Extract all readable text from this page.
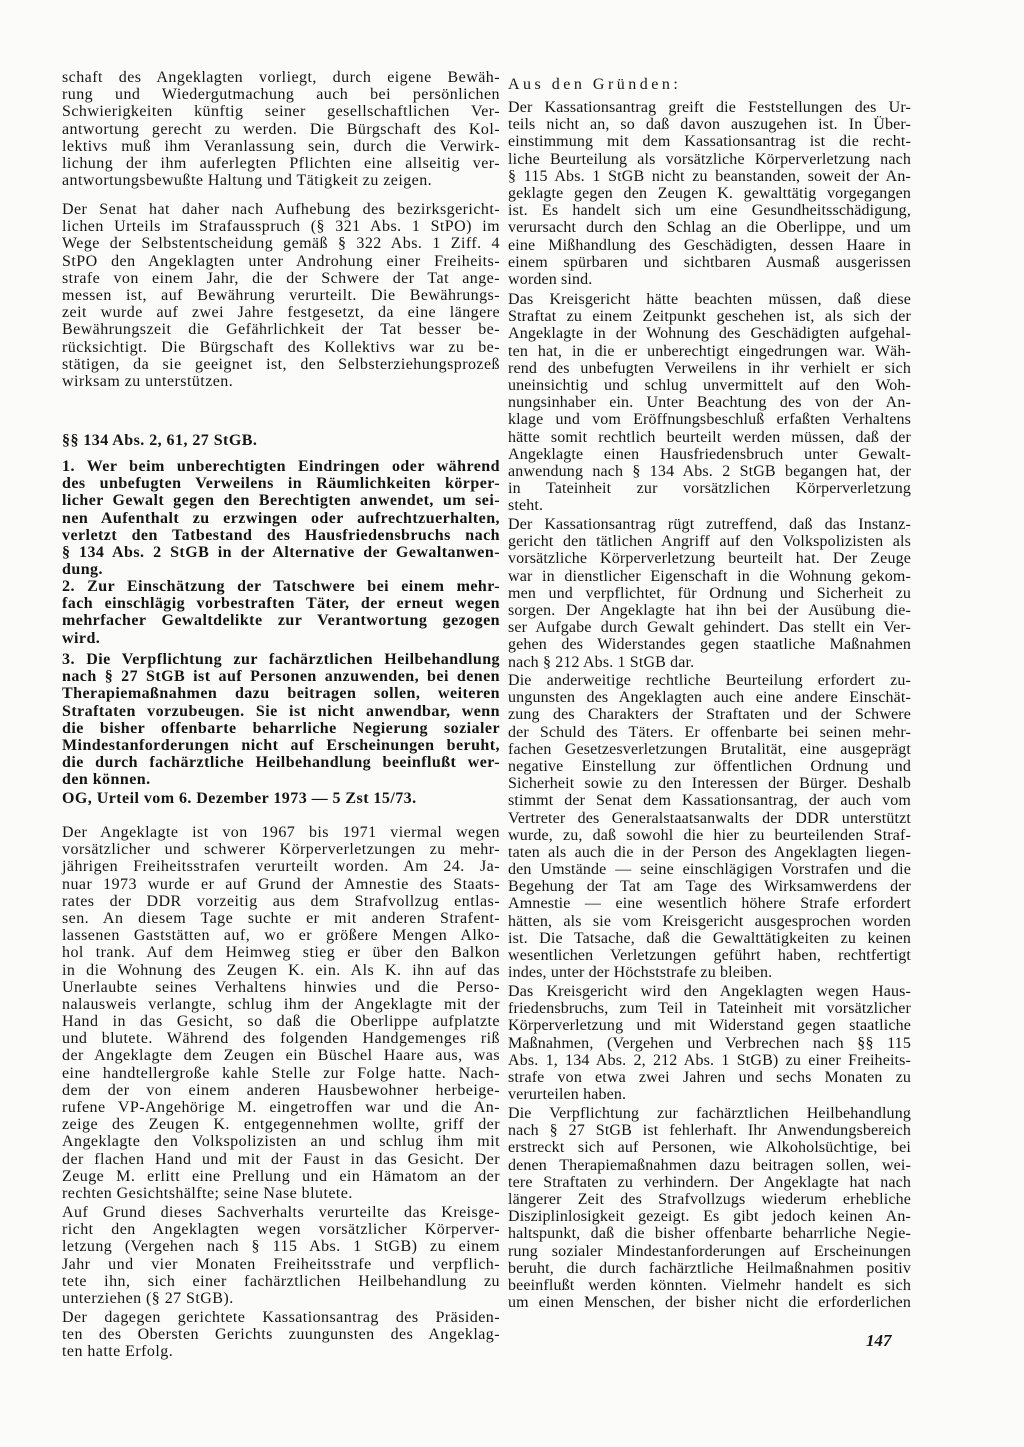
schaft des Angeklagten vorliegt, durch eigene Bewäh-
rung und Wiedergutmachung auch bei persönlichen
Schwierigkeiten künftig seiner gesellschaftlichen Ver-
antwortung gerecht zu werden. Die Bürgschaft des Kol-
lektivs muß ihm Veranlassung sein, durch die Verwirk-
lichung der ihm auferlegten Pflichten eine allseitig ver-
antwortungsbewußte Haltung und Tätigkeit zu zeigen.
Der Senat hat daher nach Aufhebung des bezirksgericht-
lichen Urteils im Strafausspruch (§ 321 Abs. 1 StPO) im
Wege der Selbstentscheidung gemäß § 322 Abs. 1 Ziff. 4
StPO den Angeklagten unter Androhung einer Freiheits-
strafe von einem Jahr, die der Schwere der Tat ange-
messen ist, auf Bewährung verurteilt. Die Bewährungs-
zeit wurde auf zwei Jahre festgesetzt, da eine längere
Bewährungszeit die Gefährlichkeit der Tat besser be-
rücksichtigt. Die Bürgschaft des Kollektivs war zu be-
stätigen, da sie geeignet ist, den Selbsterziehungsprozeß
wirksam zu unterstützen.
§§ 134 Abs. 2, 61, 27 StGB.
1. Wer beim unberechtigten Eindringen oder während
des unbefugten Verweilens in Räumlichkeiten körper-
licher Gewalt gegen den Berechtigten anwendet, um sei-
nen Aufenthalt zu erzwingen oder aufrechtzuerhalten,
verletzt den Tatbestand des Hausfriedensbruchs nach
§ 134 Abs. 2 StGB in der Alternative der Gewaltanwen-
dung.
2. Zur Einschätzung der Tatschwere bei einem mehr-
fach einschlägig vorbestraften Täter, der erneut wegen
mehrfacher Gewaltdelikte zur Verantwortung gezogen
wird.
3. Die Verpflichtung zur fachärztlichen Heilbehandlung
nach § 27 StGB ist auf Personen anzuwenden, bei denen
Therapiemaßnahmen dazu beitragen sollen, weiteren
Straftaten vorzubeugen. Sie ist nicht anwendbar, wenn
die bisher offenbarte beharrliche Negierung sozialer
Mindestanforderungen nicht auf Erscheinungen beruht,
die durch fachärztliche Heilbehandlung beeinflußt wer-
den können.
OG, Urteil vom 6. Dezember 1973 — 5 Zst 15/73.
Der Angeklagte ist von 1967 bis 1971 viermal wegen
vorsätzlicher und schwerer Körperverletzungen zu mehr-
jährigen Freiheitsstrafen verurteilt worden. Am 24. Ja-
nuar 1973 wurde er auf Grund der Amnestie des Staats-
rates der DDR vorzeitig aus dem Strafvollzug entlas-
sen. An diesem Tage suchte er mit anderen Strafent-
lassenen Gaststätten auf, wo er größere Mengen Alko-
hol trank. Auf dem Heimweg stieg er über den Balkon
in die Wohnung des Zeugen K. ein. Als K. ihn auf das
Unerlaubte seines Verhaltens hinwies und die Perso-
nalausweis verlangte, schlug ihm der Angeklagte mit der
Hand in das Gesicht, so daß die Oberlippe aufplatzte
und blutete. Während des folgenden Handgemenges riß
der Angeklagte dem Zeugen ein Büschel Haare aus, was
eine handtellergroße kahle Stelle zur Folge hatte. Nach-
dem der von einem anderen Hausbewohner herbeige-
rufene VP-Angehörige M. eingetroffen war und die An-
zeige des Zeugen K. entgegennehmen wollte, griff der
Angeklagte den Volkspolizisten an und schlug ihm mit
der flachen Hand und mit der Faust in das Gesicht. Der
Zeuge M. erlitt eine Prellung und ein Hämatom an der
rechten Gesichtshälfte; seine Nase blutete.
Auf Grund dieses Sachverhalts verurteilte das Kreisge-
richt den Angeklagten wegen vorsätzlicher Körperver-
letzung (Vergehen nach § 115 Abs. 1 StGB) zu einem
Jahr und vier Monaten Freiheitsstrafe und verpflich-
tete ihn, sich einer fachärztlichen Heilbehandlung zu
unterziehen (§ 27 StGB).
Der dagegen gerichtete Kassationsantrag des Präsiden-
ten des Obersten Gerichts zuungunsten des Angeklag-
ten hatte Erfolg.
Aus den Gründen:
Der Kassationsantrag greift die Feststellungen des Ur-
teils nicht an, so daß davon auszugehen ist. In Über-
einstimmung mit dem Kassationsantrag ist die recht-
liche Beurteilung als vorsätzliche Körperverletzung nach
§ 115 Abs. 1 StGB nicht zu beanstanden, soweit der An-
geklagte gegen den Zeugen K. gewalttätig vorgegangen
ist. Es handelt sich um eine Gesundheitsschädigung,
verursacht durch den Schlag an die Oberlippe, und um
eine Mißhandlung des Geschädigten, dessen Haare in
einem spürbaren und sichtbaren Ausmaß ausgerissen
worden sind.
Das Kreisgericht hätte beachten müssen, daß diese
Straftat zu einem Zeitpunkt geschehen ist, als sich der
Angeklagte in der Wohnung des Geschädigten aufgehal-
ten hat, in die er unberechtigt eingedrungen war. Wäh-
rend des unbefugten Verweilens in ihr verhielt er sich
uneinsichtig und schlug unvermittelt auf den Woh-
nungsinhaber ein. Unter Beachtung des von der An-
klage und vom Eröffnungsbeschluß erfaßten Verhaltens
hätte somit rechtlich beurteilt werden müssen, daß der
Angeklagte einen Hausfriedensbruch unter Gewalt-
anwendung nach § 134 Abs. 2 StGB begangen hat, der
in Tateinheit zur vorsätzlichen Körperverletzung
steht.
Der Kassationsantrag rügt zutreffend, daß das Instanz-
gericht den tätlichen Angriff auf den Volkspolizisten als
vorsätzliche Körperverletzung beurteilt hat. Der Zeuge
war in dienstlicher Eigenschaft in die Wohnung gekom-
men und verpflichtet, für Ordnung und Sicherheit zu
sorgen. Der Angeklagte hat ihn bei der Ausübung die-
ser Aufgabe durch Gewalt gehindert. Das stellt ein Ver-
gehen des Widerstandes gegen staatliche Maßnahmen
nach § 212 Abs. 1 StGB dar.
Die anderweitige rechtliche Beurteilung erfordert zu-
ungunsten des Angeklagten auch eine andere Einschät-
zung des Charakters der Straftaten und der Schwere
der Schuld des Täters. Er offenbarte bei seinen mehr-
fachen Gesetzesverletzungen Brutalität, eine ausgeprägt
negative Einstellung zur öffentlichen Ordnung und
Sicherheit sowie zu den Interessen der Bürger. Deshalb
stimmt der Senat dem Kassationsantrag, der auch vom
Vertreter des Generalstaatsanwalts der DDR unterstützt
wurde, zu, daß sowohl die hier zu beurteilenden Straf-
taten als auch die in der Person des Angeklagten liegen-
den Umstände — seine einschlägigen Vorstrafen und die
Begehung der Tat am Tage des Wirksamwerdens der
Amnestie — eine wesentlich höhere Strafe erfordert
hätten, als sie vom Kreisgericht ausgesprochen worden
ist. Die Tatsache, daß die Gewalttätigkeiten zu keinen
wesentlichen Verletzungen geführt haben, rechtfertigt
indes, unter der Höchststrafe zu bleiben.
Das Kreisgericht wird den Angeklagten wegen Haus-
friedensbruchs, zum Teil in Tateinheit mit vorsätzlicher
Körperverletzung und mit Widerstand gegen staatliche
Maßnahmen, (Vergehen und Verbrechen nach §§ 115
Abs. 1, 134 Abs. 2, 212 Abs. 1 StGB) zu einer Freiheits-
strafe von etwa zwei Jahren und sechs Monaten zu
verurteilen haben.
Die Verpflichtung zur fachärztlichen Heilbehandlung
nach § 27 StGB ist fehlerhaft. Ihr Anwendungsbereich
erstreckt sich auf Personen, wie Alkoholsüchtige, bei
denen Therapiemaßnahmen dazu beitragen sollen, wei-
tere Straftaten zu verhindern. Der Angeklagte hat nach
längerer Zeit des Strafvollzugs wiederum erhebliche
Disziplinlosigkeit gezeigt. Es gibt jedoch keinen An-
haltspunkt, daß die bisher offenbarte beharrliche Negie-
rung sozialer Mindestanforderungen auf Erscheinungen
beruht, die durch fachärztliche Heilmaßnahmen positiv
beeinflußt werden könnten. Vielmehr handelt es sich
um einen Menschen, der bisher nicht die erforderlichen
147
